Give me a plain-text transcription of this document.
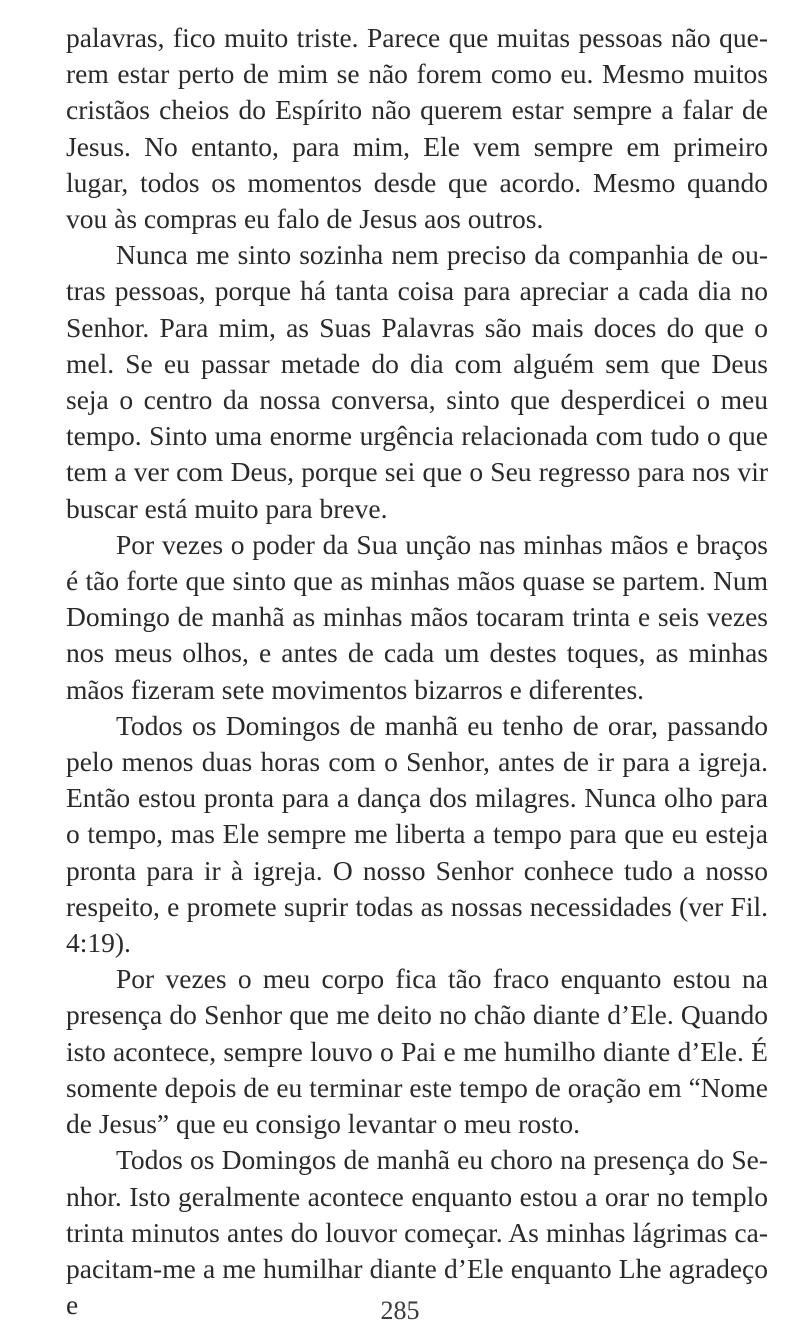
palavras, fico muito triste. Parece que muitas pessoas não querem estar perto de mim se não forem como eu. Mesmo muitos cristãos cheios do Espírito não querem estar sempre a falar de Jesus. No entanto, para mim, Ele vem sempre em primeiro lugar, todos os momentos desde que acordo. Mesmo quando vou às compras eu falo de Jesus aos outros.

Nunca me sinto sozinha nem preciso da companhia de outras pessoas, porque há tanta coisa para apreciar a cada dia no Senhor. Para mim, as Suas Palavras são mais doces do que o mel. Se eu passar metade do dia com alguém sem que Deus seja o centro da nossa conversa, sinto que desperdicei o meu tempo. Sinto uma enorme urgência relacionada com tudo o que tem a ver com Deus, porque sei que o Seu regresso para nos vir buscar está muito para breve.

Por vezes o poder da Sua unção nas minhas mãos e braços é tão forte que sinto que as minhas mãos quase se partem. Num Domingo de manhã as minhas mãos tocaram trinta e seis vezes nos meus olhos, e antes de cada um destes toques, as minhas mãos fizeram sete movimentos bizarros e diferentes.

Todos os Domingos de manhã eu tenho de orar, passando pelo menos duas horas com o Senhor, antes de ir para a igreja. Então estou pronta para a dança dos milagres. Nunca olho para o tempo, mas Ele sempre me liberta a tempo para que eu esteja pronta para ir à igreja. O nosso Senhor conhece tudo a nosso respeito, e promete suprir todas as nossas necessidades (ver Fil. 4:19).

Por vezes o meu corpo fica tão fraco enquanto estou na presença do Senhor que me deito no chão diante d’Ele. Quando isto acontece, sempre louvo o Pai e me humilho diante d’Ele. É somente depois de eu terminar este tempo de oração em “Nome de Jesus” que eu consigo levantar o meu rosto.

Todos os Domingos de manhã eu choro na presença do Senhor. Isto geralmente acontece enquanto estou a orar no templo trinta minutos antes do louvor começar. As minhas lágrimas capacitam-me a me humilhar diante d’Ele enquanto Lhe agradeço e	285
